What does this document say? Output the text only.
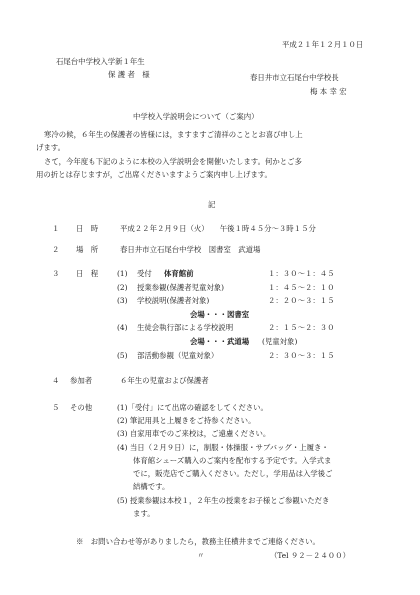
平成２１年１２月１０日
石尾台中学校入学新１年生
保 護 者　様	春日井市立石尾台中学校長
梅 本 幸 宏
中学校入学説明会について（ご案内）
寒冷の候，６年生の保護者の皆様には，ますますご清祥のこととお喜び申し上
げます。
さて，今年度も下記のように本校の入学説明会を開催いたします。何かとご多
用の折とは存じますが，ご出席くださいますようご案内申し上げます。
記
１ 日　時	平成２２年２月９日（火）　　午後１時４５分～３時１５分
２ 場　所	春日井市立石尾台中学校　図書室　武道場
３ 日　程	(1) 受付 体育館前	１：３０～１：４５
(2) 授業参観(保護者児童対象)	１：４５～２：１０
(3) 学校説明(保護者対象)	２：２０～３：１５
会場・・・図書室
(4) 生徒会執行部による学校説明	２：１５～２：３０
会場・・・武道場 (児童対象)
(5) 部活動参観（児童対象）	２：３０～３：１５
４ 参加者	６年生の児童および保護者
５ その他	(1)「受付」にて出席の確認をしてください。
(2) 筆記用具と上履きをご持参ください。
(3) 自家用車でのご来校は，ご遠慮ください。
(4) 当日（２月９日）に，制服・体操服・サブバッグ・上履き・
体育館シューズ購入のご案内を配布する予定です。入学式ま
でに，販売店でご購入ください。ただし，学用品は入学後ご
結構です。
(5) 授業参観は本校１，２年生の授業をお子様とご参観いただき
ます。
※　お問い合わせ等がありましたら，教務主任横井までご連絡ください。
〃	（Tel ９２－２４００）
